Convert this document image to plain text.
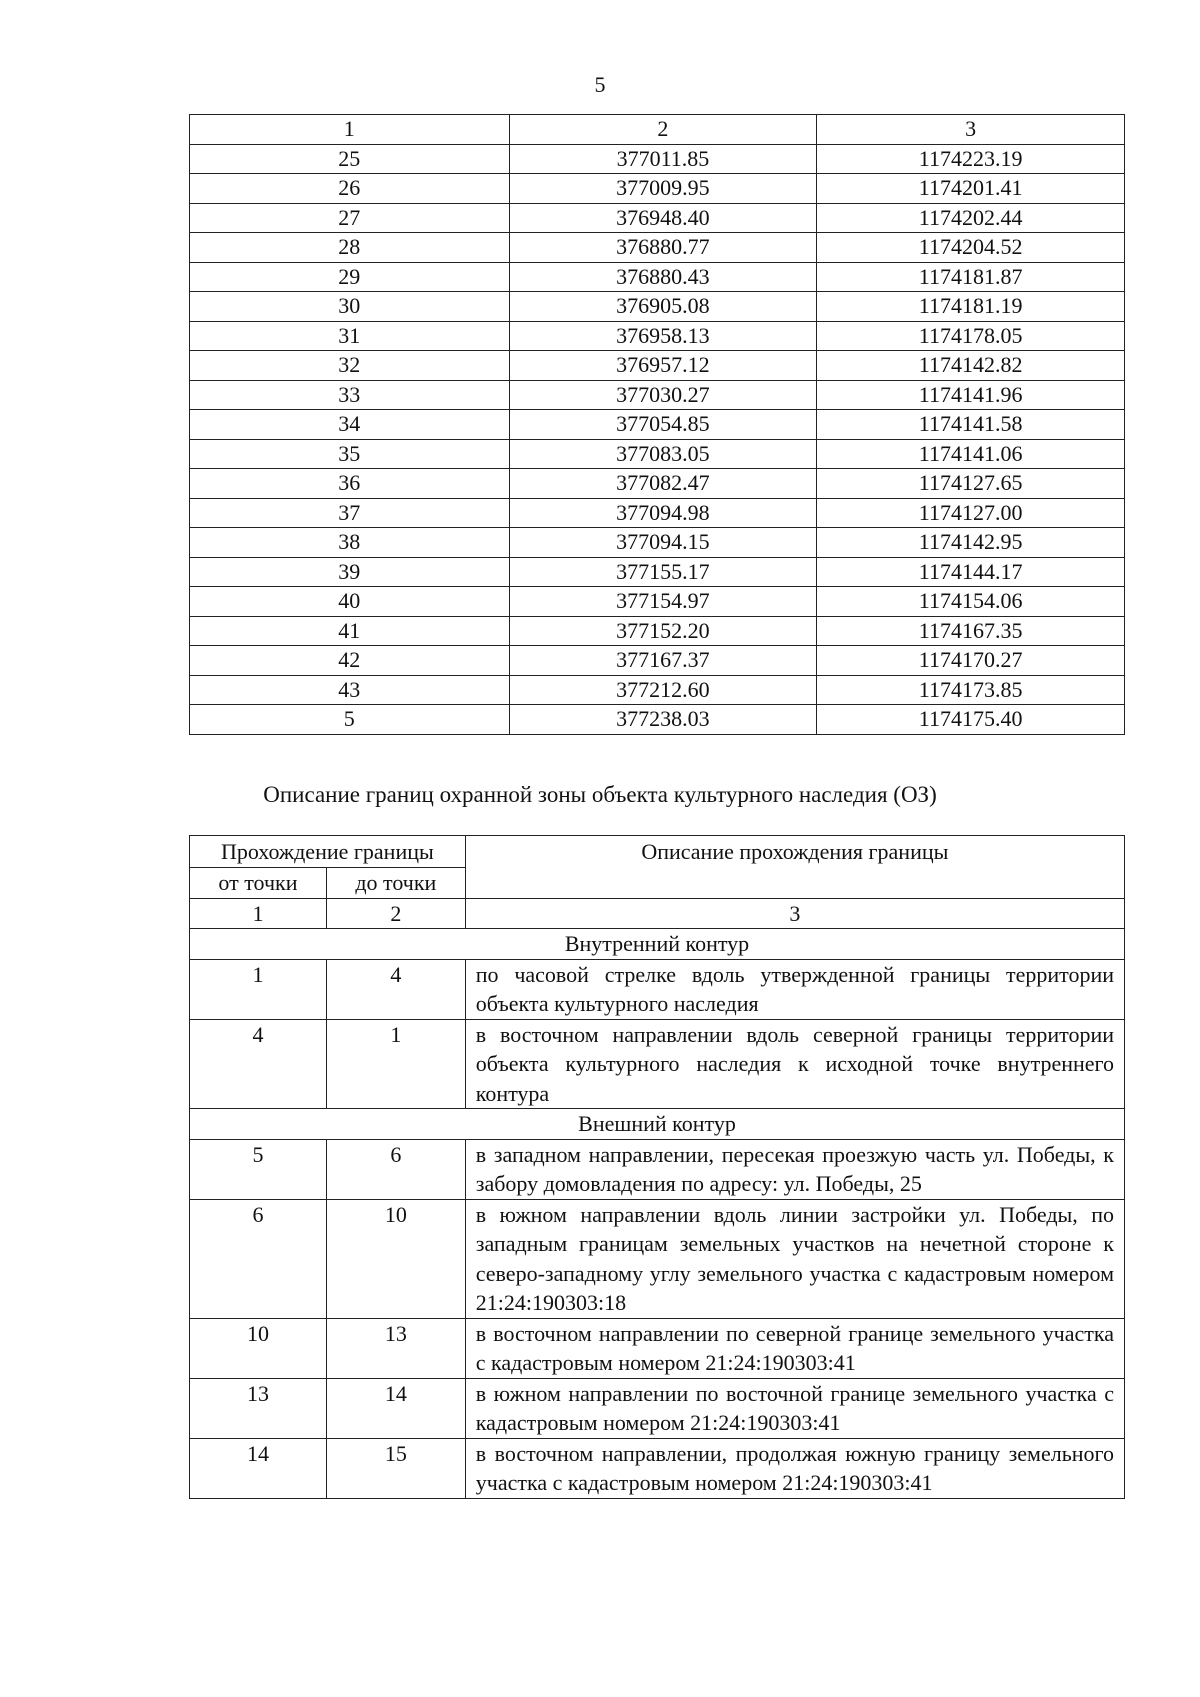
5
1	2	3
25	377011.85	1174223.19
26	377009.95	1174201.41
27	376948.40	1174202.44
28	376880.77	1174204.52
29	376880.43	1174181.87
30	376905.08	1174181.19
31	376958.13	1174178.05
32	376957.12	1174142.82
33	377030.27	1174141.96
34	377054.85	1174141.58
35	377083.05	1174141.06
36	377082.47	1174127.65
37	377094.98	1174127.00
38	377094.15	1174142.95
39	377155.17	1174144.17
40	377154.97	1174154.06
41	377152.20	1174167.35
42	377167.37	1174170.27
43	377212.60	1174173.85
5	377238.03	1174175.40
Описание границ охранной зоны объекта культурного наследия (ОЗ)
Прохождение границы		Описание прохождения границы
от точки	до точки	
1	2	3
Внутренний контур		
1	4	по часовой стрелке вдоль утвержденной границы территории объекта культурного наследия
4	1	в восточном направлении вдоль северной границы территории объекта культурного наследия к исходной точке внутреннего контура
Внешний контур		
5	6	в западном направлении, пересекая проезжую часть ул. Победы, к забору домовладения по адресу: ул. Победы, 25
6	10	в южном направлении вдоль линии застройки ул. Победы, по западным границам земельных участков на нечетной стороне к северо-западному углу земельного участка с кадастровым номером 21:24:190303:18
10	13	в восточном направлении по северной границе земельного участка с кадастровым номером 21:24:190303:41
13	14	в южном направлении по восточной границе земельного участка с кадастровым номером 21:24:190303:41
14	15	в восточном направлении, продолжая южную границу земельного участка с кадастровым номером 21:24:190303:41
